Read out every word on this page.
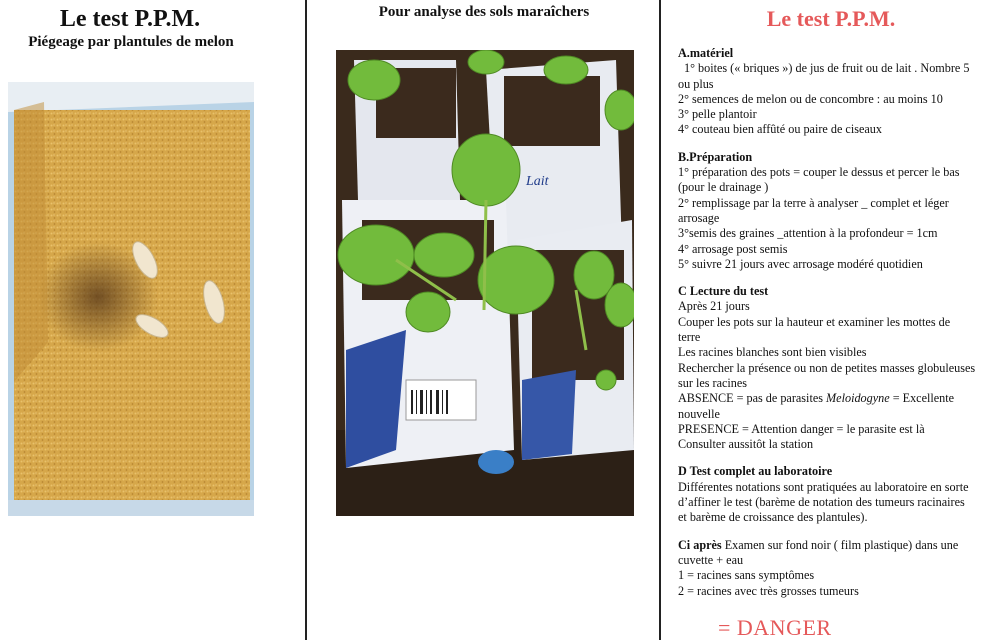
Le test P.P.M.
Piégeage par plantules de melon
Pour analyse des sols maraîchers
Lait
Le test P.P.M.
A.matériel
1° boites (« briques ») de jus de fruit ou de lait . Nombre 5
ou plus
2° semences de melon ou de concombre : au moins 10
3° pelle plantoir
4° couteau bien affûté ou paire de ciseaux
B.Préparation
1° préparation des pots = couper le dessus et percer le bas
(pour le drainage )
2° remplissage par la terre à analyser _ complet et léger
arrosage
3°semis des graines _attention à la profondeur = 1cm
4° arrosage post semis
5° suivre 21 jours avec arrosage modéré quotidien
C Lecture du test
Après 21 jours
Couper les pots sur la hauteur et examiner les mottes de
terre
Les racines blanches sont bien visibles
Rechercher la présence ou non de petites masses globuleuses
sur les racines
ABSENCE = pas de parasites Meloidogyne = Excellente
nouvelle
PRESENCE = Attention danger = le parasite est là
Consulter aussitôt la station
D Test complet au laboratoire
Différentes notations sont pratiquées au laboratoire en sorte
d’affiner le test (barème de notation des tumeurs racinaires
et barème de croissance des plantules).
Ci après Examen sur fond noir ( film plastique) dans une
cuvette + eau
1 = racines sans symptômes
2 = racines avec très grosses tumeurs
= DANGER
